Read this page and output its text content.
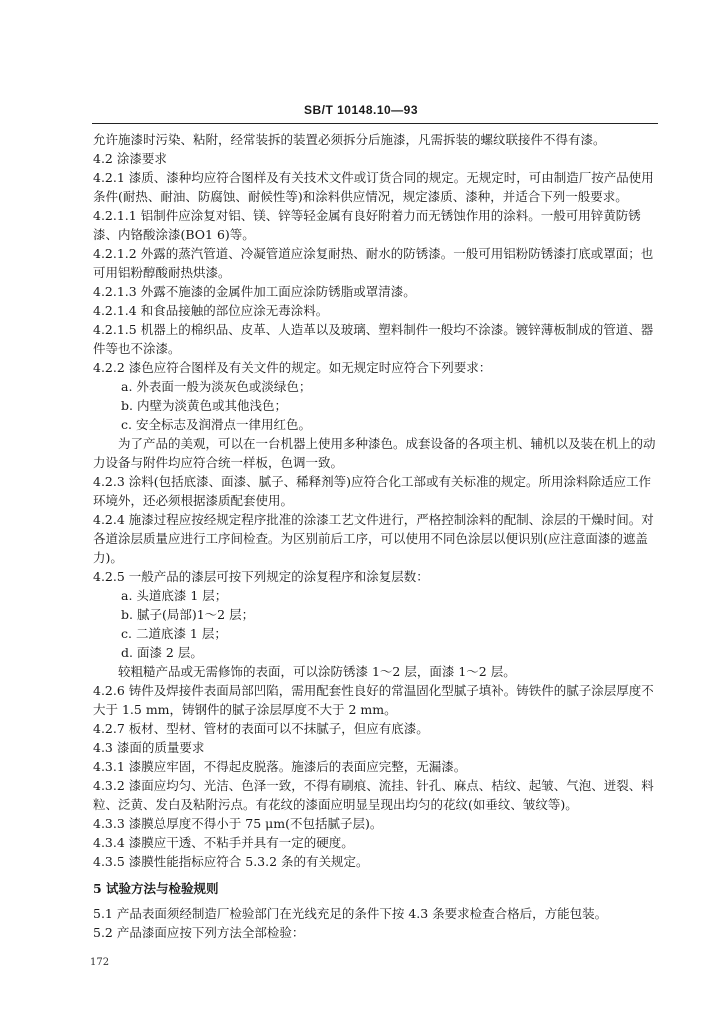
SB/T 10148.10—93

允许施漆时污染、粘附，经常装拆的装置必须拆分后施漆，凡需拆装的螺纹联接件不得有漆。

4.2 涂漆要求

4.2.1 漆质、漆种均应符合图样及有关技术文件或订货合同的规定。无规定时，可由制造厂按产品使用条件(耐热、耐油、防腐蚀、耐候性等)和涂料供应情况，规定漆质、漆种，并适合下列一般要求。

4.2.1.1 铝制件应涂复对铝、镁、锌等轻金属有良好附着力而无锈蚀作用的涂料。一般可用锌黄防锈漆、内铬酸涂漆(BO1 6)等。

4.2.1.2 外露的蒸汽管道、冷凝管道应涂复耐热、耐水的防锈漆。一般可用铝粉防锈漆打底或罩面；也可用铝粉醇酸耐热烘漆。

4.2.1.3 外露不施漆的金属件加工面应涂防锈脂或罩清漆。

4.2.1.4 和食品接触的部位应涂无毒涂料。

4.2.1.5 机器上的棉织品、皮革、人造革以及玻璃、塑料制件一般均不涂漆。镀锌薄板制成的管道、器件等也不涂漆。

4.2.2 漆色应符合图样及有关文件的规定。如无规定时应符合下列要求：

a. 外表面一般为淡灰色或淡绿色；

b. 内壁为淡黄色或其他浅色；

c. 安全标志及润滑点一律用红色。

为了产品的美观，可以在一台机器上使用多种漆色。成套设备的各项主机、辅机以及装在机上的动力设备与附件均应符合统一样板，色调一致。

4.2.3 涂料(包括底漆、面漆、腻子、稀释剂等)应符合化工部或有关标准的规定。所用涂料除适应工作环境外，还必须根据漆质配套使用。

4.2.4 施漆过程应按经规定程序批准的涂漆工艺文件进行，严格控制涂料的配制、涂层的干燥时间。对各道涂层质量应进行工序间检查。为区别前后工序，可以使用不同色涂层以便识别(应注意面漆的遮盖力)。

4.2.5 一般产品的漆层可按下列规定的涂复程序和涂复层数：

a. 头道底漆 1 层；

b. 腻子(局部)1～2 层；

c. 二道底漆 1 层；

d. 面漆 2 层。

较粗糙产品或无需修饰的表面，可以涂防锈漆 1～2 层，面漆 1～2 层。

4.2.6 铸件及焊接件表面局部凹陷，需用配套性良好的常温固化型腻子填补。铸铁件的腻子涂层厚度不大于 1.5 mm，铸钢件的腻子涂层厚度不大于 2 mm。

4.2.7 板材、型材、管材的表面可以不抹腻子，但应有底漆。

4.3 漆面的质量要求

4.3.1 漆膜应牢固，不得起皮脱落。施漆后的表面应完整，无漏漆。

4.3.2 漆面应均匀、光洁、色泽一致，不得有刷痕、流挂、针孔、麻点、桔纹、起皱、气泡、迸裂、料粒、泛黄、发白及粘附污点。有花纹的漆面应明显呈现出均匀的花纹(如垂纹、皱纹等)。

4.3.3 漆膜总厚度不得小于 75 μm(不包括腻子层)。

4.3.4 漆膜应干透、不粘手并具有一定的硬度。

4.3.5 漆膜性能指标应符合 5.3.2 条的有关规定。

5 试验方法与检验规则

5.1 产品表面须经制造厂检验部门在光线充足的条件下按 4.3 条要求检查合格后，方能包装。

5.2 产品漆面应按下列方法全部检验：

172
